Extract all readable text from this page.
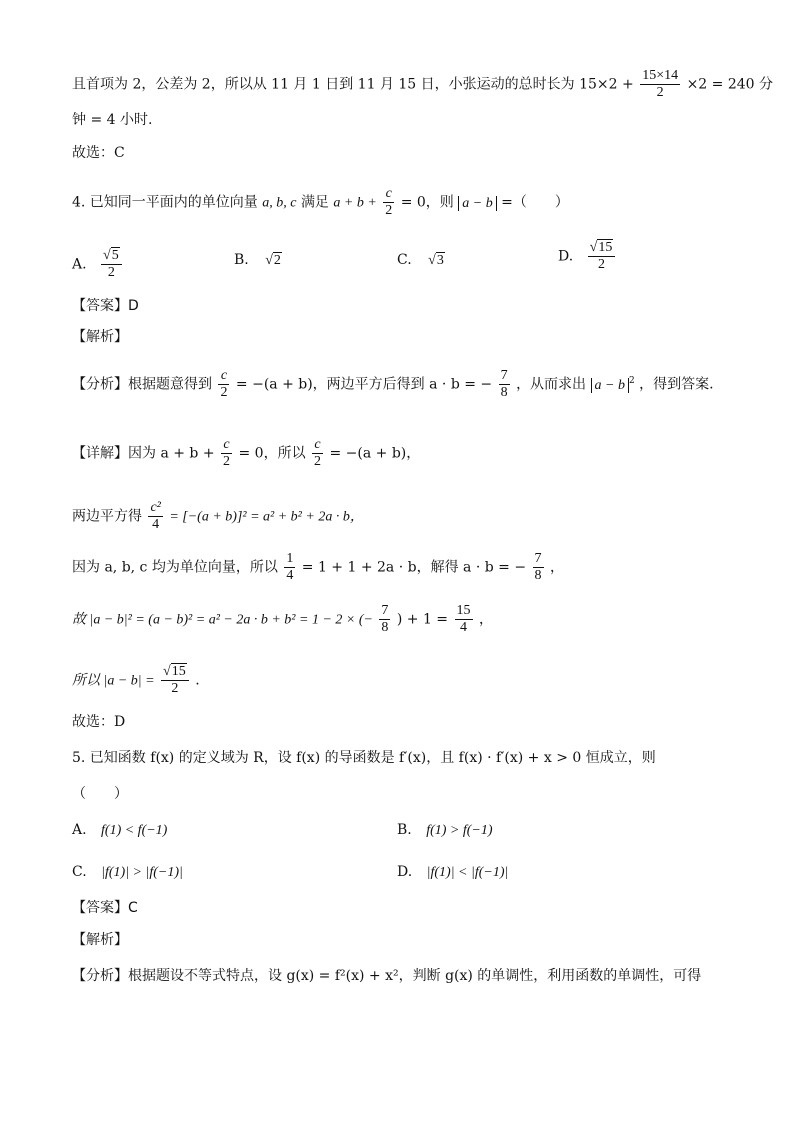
且首项为 2，公差为 2，所以从 11 月 1 日到 11 月 15 日，小张运动的总时长为 $15\times 2 + \frac{15\times 14}{2} \times 2 = 240$ 分
钟 = 4 小时.
故选：C
4. 已知同一平面内的单位向量 a, b, c 满足 $a + b + \frac{c}{2} = 0$，则 a − b =（　　）
A. $\frac{√5}{2}$	B. √2	C. √3	D. $\frac{√15}{2}$
【答案】D
【解析】
【分析】根据题意得到 $\frac{c}{2} = -(a + b)$，两边平方后得到 a · b = − $\frac{7}{8}$ ，从而求出 a − b $^2$ ，得到答案.
【详解】因为 $a + b + \frac{c}{2} = 0$，所以 $\frac{c}{2} = -(a + b)$，
两边平方得 $\frac{\text{c²}}{4} = [-(a + b)]^2 = a^2 + b^2 + 2a \cdot b$，
因为 a, b, c 均为单位向量，所以 $\frac{1}{4} = 1 + 1 + 2a \cdot b$，解得 a · b = − $\frac{7}{8}$ ，
故 |a − b|² = (a − b)² = a² − 2a · b + b² = 1 − 2 × (− $\frac{7}{8}$ ) + $1 = \frac{15}{4}$ ，
所以 $|a - b| = \frac{√15}{2}$ .
故选：D
5. 已知函数 f(x) 的定义域为 R，设 f(x) 的导函数是 f′(x)，且 f(x) · f′(x) + x > 0 恒成立，则
（　　）
A. f(1) < f(−1)	B. f(1) > f(−1)
C. |f(1)| > |f(−1)|	D. |f(1)| < |f(−1)|
【答案】C
【解析】
【分析】根据题设不等式特点，设 g(x) = f²(x) + x²，判断 g(x) 的单调性，利用函数的单调性，可得
